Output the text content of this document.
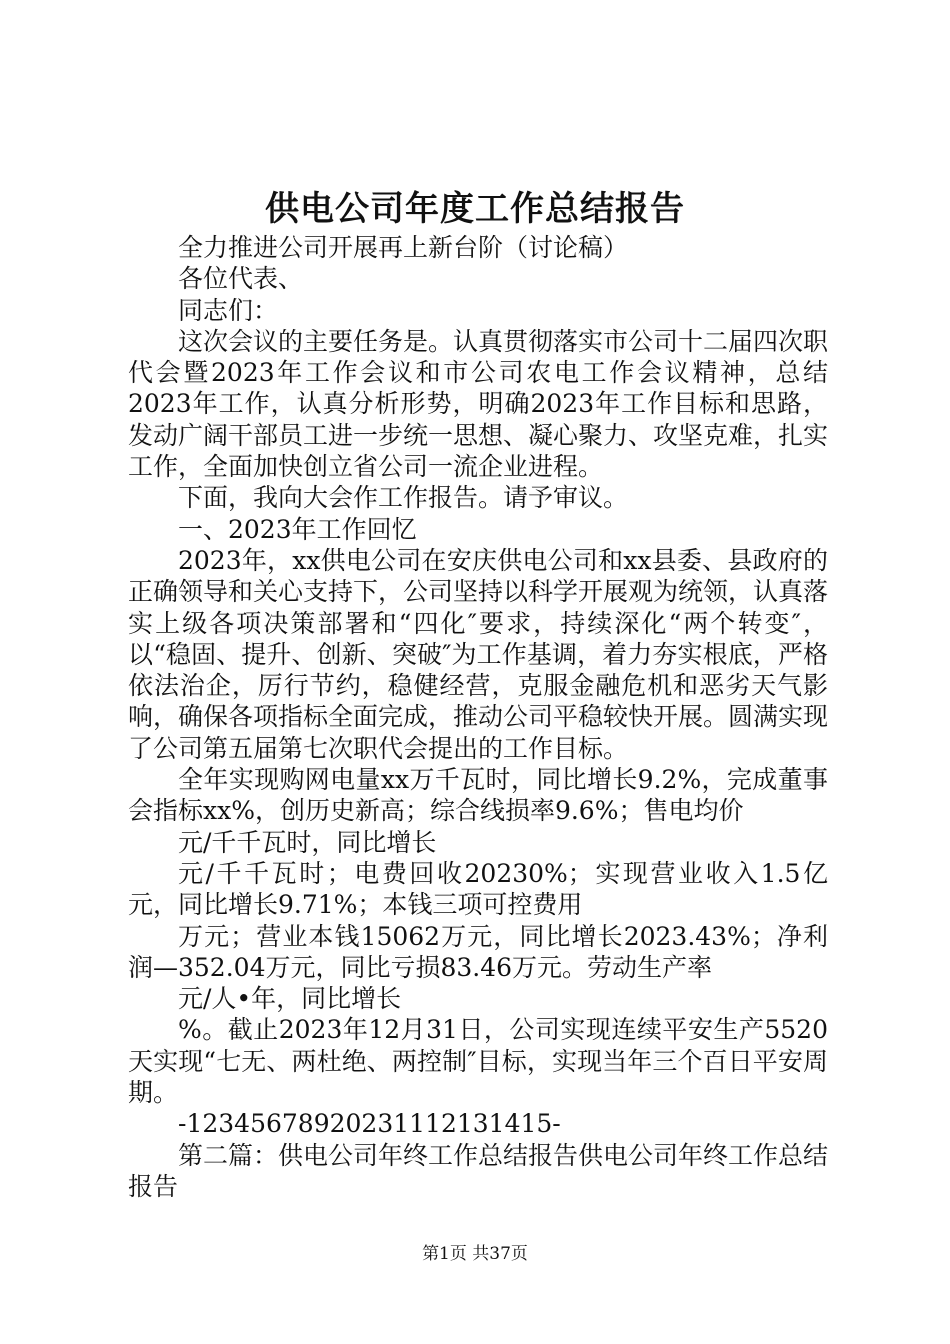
供电公司年度工作总结报告

全力推进公司开展再上新台阶（讨论稿）

各位代表、

同志们：

这次会议的主要任务是。认真贯彻落实市公司十二届四次职代会暨2023年工作会议和市公司农电工作会议精神，总结2023年工作，认真分析形势，明确2023年工作目标和思路，发动广阔干部员工进一步统一思想、凝心聚力、攻坚克难，扎实工作，全面加快创立省公司一流企业进程。

下面，我向大会作工作报告。请予审议。

一、2023年工作回忆

2023年，xx供电公司在安庆供电公司和xx县委、县政府的正确领导和关心支持下，公司坚持以科学开展观为统领，认真落实上级各项决策部署和“四化″要求，持续深化“两个转变″，以“稳固、提升、创新、突破″为工作基调，着力夯实根底，严格依法治企，厉行节约，稳健经营，克服金融危机和恶劣天气影响，确保各项指标全面完成，推动公司平稳较快开展。圆满实现了公司第五届第七次职代会提出的工作目标。

全年实现购网电量xx万千瓦时，同比增长9.2%，完成董事会指标xx%，创历史新高；综合线损率9.6%；售电均价

元/千千瓦时，同比增长

元/千千瓦时；电费回收20230%；实现营业收入1.5亿元，同比增长9.71%；本钱三项可控费用

万元；营业本钱15062万元，同比增长2023.43%；净利润—352.04万元，同比亏损83.46万元。劳动生产率

元/人•年，同比增长

%。截止2023年12月31日，公司实现连续平安生产5520天实现“七无、两杜绝、两控制″目标，实现当年三个百日平安周期。

-12345678920231112131415-

第二篇：供电公司年终工作总结报告供电公司年终工作总结报告

第1页 共37页
